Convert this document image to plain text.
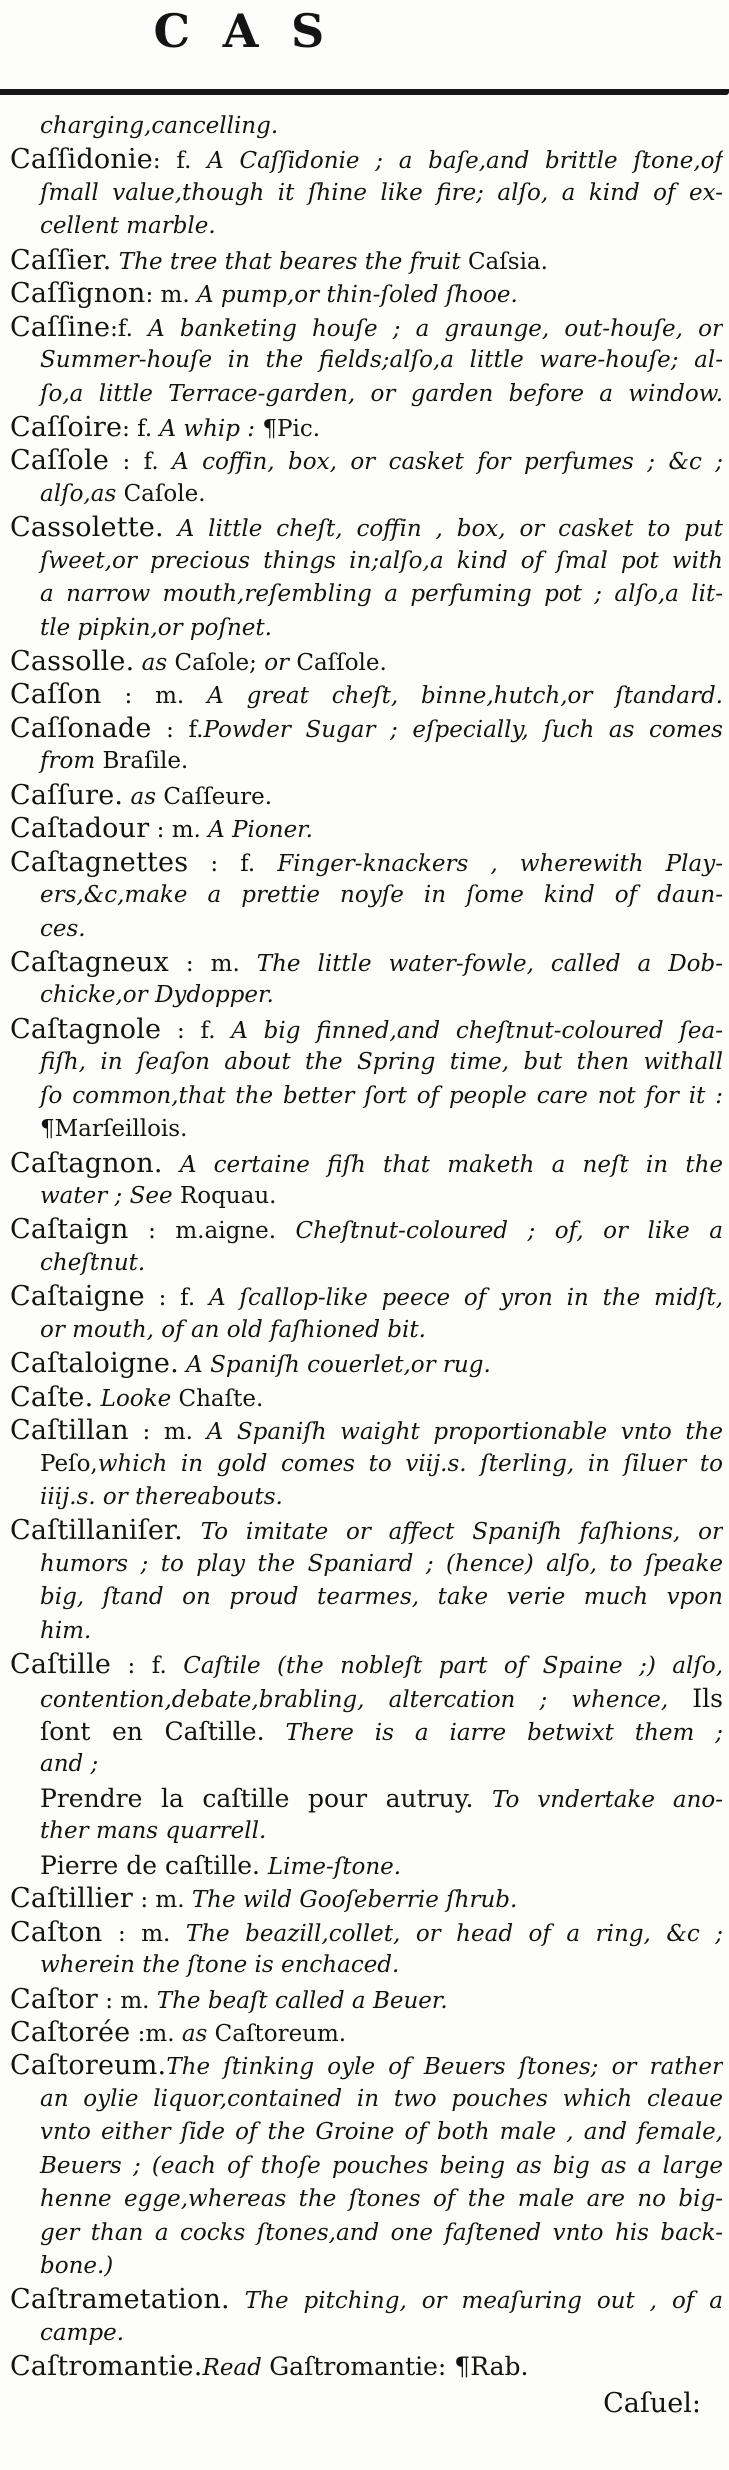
C A S
charging,cancelling.
Caſſidonie: f. A Caſſidonie ; a baſe,and brittle ſtone,of
ſmall value,though it ſhine like fire; alſo, a kind of ex-
cellent marble.
Caſſier. The tree that beares the fruit Caſsia.
Caſſignon: m. A pump,or thin-ſoled ſhooe.
Caſſine:f. A banketing houſe ; a graunge, out-houſe, or
Summer-houſe in the fields;alſo,a little ware-houſe; al-
ſo,a little Terrace-garden, or garden before a window.
Caſſoire: f. A whip : ¶Pic.
Caſſole : f. A coffin, box, or casket for perfumes ; &c ;
alſo,as Caſole.
Cassolette. A little cheſt, coffin , box, or casket to put
ſweet,or precious things in;alſo,a kind of ſmal pot with
a narrow mouth,reſembling a perfuming pot ; alſo,a lit-
tle pipkin,or poſnet.
Cassolle. as Caſole; or Caſſole.
Caſſon : m. A great cheſt, binne,hutch,or ſtandard.
Caſſonade : f.Powder Sugar ; eſpecially, ſuch as comes
from Braſile.
Caſſure. as Caſſeure.
Caſtadour : m. A Pioner.
Caſtagnettes : f. Finger-knackers , wherewith Play-
ers,&c,make a prettie noyſe in ſome kind of daun-
ces.
Caſtagneux : m. The little water-fowle, called a Dob-
chicke,or Dydopper.
Caſtagnole : f. A big finned,and cheſtnut-coloured ſea-
fiſh, in ſeaſon about the Spring time, but then withall
ſo common,that the better ſort of people care not for it :
¶Marſeillois.
Caſtagnon. A certaine fiſh that maketh a neſt in the
water ; See Roquau.
Caſtaign : m.aigne. Cheſtnut-coloured ; of, or like a
cheſtnut.
Caſtaigne : f. A ſcallop-like peece of yron in the midſt,
or mouth, of an old faſhioned bit.
Caſtaloigne. A Spaniſh couerlet,or rug.
Caſte. Looke Chaſte.
Caſtillan : m. A Spaniſh waight proportionable vnto the
Peſo,which in gold comes to viij.s. ſterling, in ſiluer to
iiij.s. or thereabouts.
Caſtillaniſer. To imitate or affect Spaniſh faſhions, or
humors ; to play the Spaniard ; (hence) alſo, to ſpeake
big, ſtand on proud tearmes, take verie much vpon
him.
Caſtille : f. Caſtile (the nobleſt part of Spaine ;) alſo,
contention,debate,brabling, altercation ; whence, Ils
ſont en Caſtille. There is a iarre betwixt them ;
and ;
Prendre la caſtille pour autruy. To vndertake ano-
ther mans quarrell.
Pierre de caſtille. Lime-ſtone.
Caſtillier : m. The wild Gooſeberrie ſhrub.
Caſton : m. The beazill,collet, or head of a ring, &c ;
wherein the ſtone is enchaced.
Caſtor : m. The beaſt called a Beuer.
Caſtorée :m. as Caſtoreum.
Caſtoreum.The ſtinking oyle of Beuers ſtones; or rather
an oylie liquor,contained in two pouches which cleaue
vnto either ſide of the Groine of both male , and female,
Beuers ; (each of thoſe pouches being as big as a large
henne egge,whereas the ſtones of the male are no big-
ger than a cocks ſtones,and one faſtened vnto his back-
bone.)
Caſtrametation. The pitching, or meaſuring out , of a
campe.
Caſtromantie.Read Gaſtromantie: ¶Rab.
Caſuel:
